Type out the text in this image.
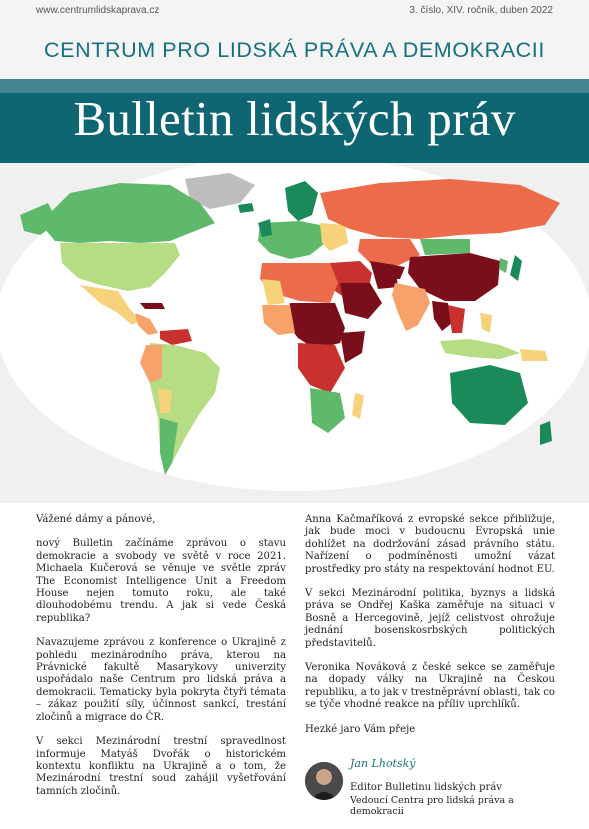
www.centrumlidskaprava.cz	3. číslo, XIV. ročník, duben 2022
CENTRUM PRO LIDSKÁ PRÁVA A DEMOKRACII
Bulletin lidských práv

Vážené dámy a pánové,

nový Bulletin začínáme zprávou o stavu demokracie a svobody ve světě v roce 2021. Michaela Kučerová se věnuje ve světle zpráv The Economist Intelligence Unit a Freedom House nejen tomuto roku, ale také dlouhodobému trendu. A jak si vede Česká republika?

Navazujeme zprávou z konference o Ukrajině z pohledu mezinárodního práva, kterou na Právnické fakultě Masarykovy univerzity uspořádalo naše Centrum pro lidská práva a demokracii. Tematicky byla pokryta čtyři témata – zákaz použití síly, účinnost sankcí, trestání zločinů a migrace do ČR.

V sekci Mezinárodní trestní spravedlnost informuje Matyáš Dvořák o historickém kontextu konfliktu na Ukrajině a o tom, že Mezinárodní trestní soud zahájil vyšetřování tamních zločinů.

Anna Kačmaříková z evropské sekce přibližuje, jak bude moci v budoucnu Evropská unie dohlížet na dodržování zásad právního státu. Nařízení o podmíněnosti umožní vázat prostředky pro státy na respektování hodnot EU.

V sekci Mezinárodní politika, byznys a lidská práva se Ondřej Kaška zaměřuje na situaci v Bosně a Hercegovině, jejíž celistvost ohrožuje jednání bosenskosrbských politických představitelů.

Veronika Nováková z české sekce se zaměřuje na dopady války na Ukrajině na Českou republiku, a to jak v trestněprávní oblasti, tak co se týče vhodné reakce na příliv uprchlíků.

Hezké jaro Vám přeje

Jan Lhotský
Editor Bulletinu lidských práv
Vedoucí Centra pro lidská práva a demokracii
